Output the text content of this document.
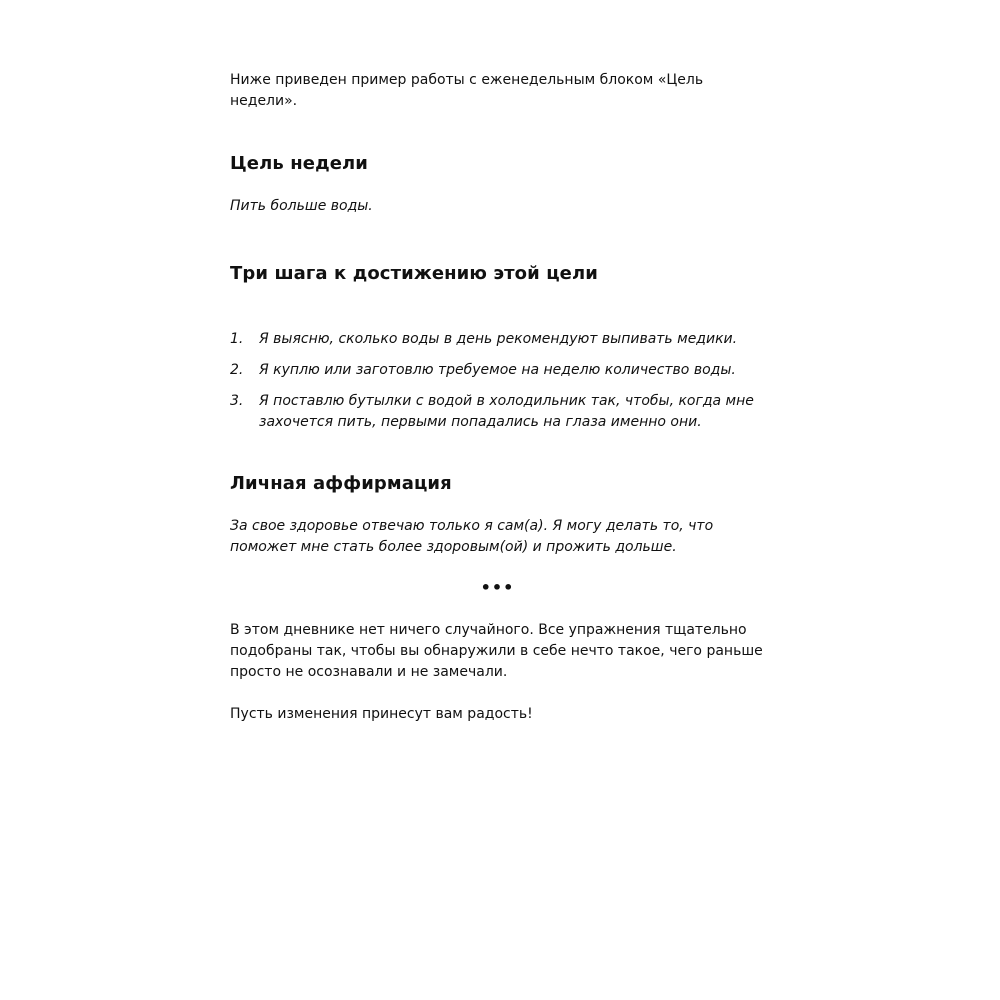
Ниже приведен пример работы с еженедельным блоком «Цель недели».

Цель недели

Пить больше воды.

Три шага к достижению этой цели
1. Я выясню, сколько воды в день рекомендуют выпивать медики.
2. Я куплю или заготовлю требуемое на неделю количество воды.
3. Я поставлю бутылки с водой в холодильник так, чтобы, когда мне захочется пить, первыми попадались на глаза именно они.
Личная аффирмация

За свое здоровье отвечаю только я сам(а). Я могу делать то, что поможет мне стать более здоровым(ой) и прожить дольше.

•••

В этом дневнике нет ничего случайного. Все упражнения тщательно подобраны так, чтобы вы обнаружили в себе нечто такое, чего раньше просто не осознавали и не замечали.

Пусть изменения принесут вам радость!
